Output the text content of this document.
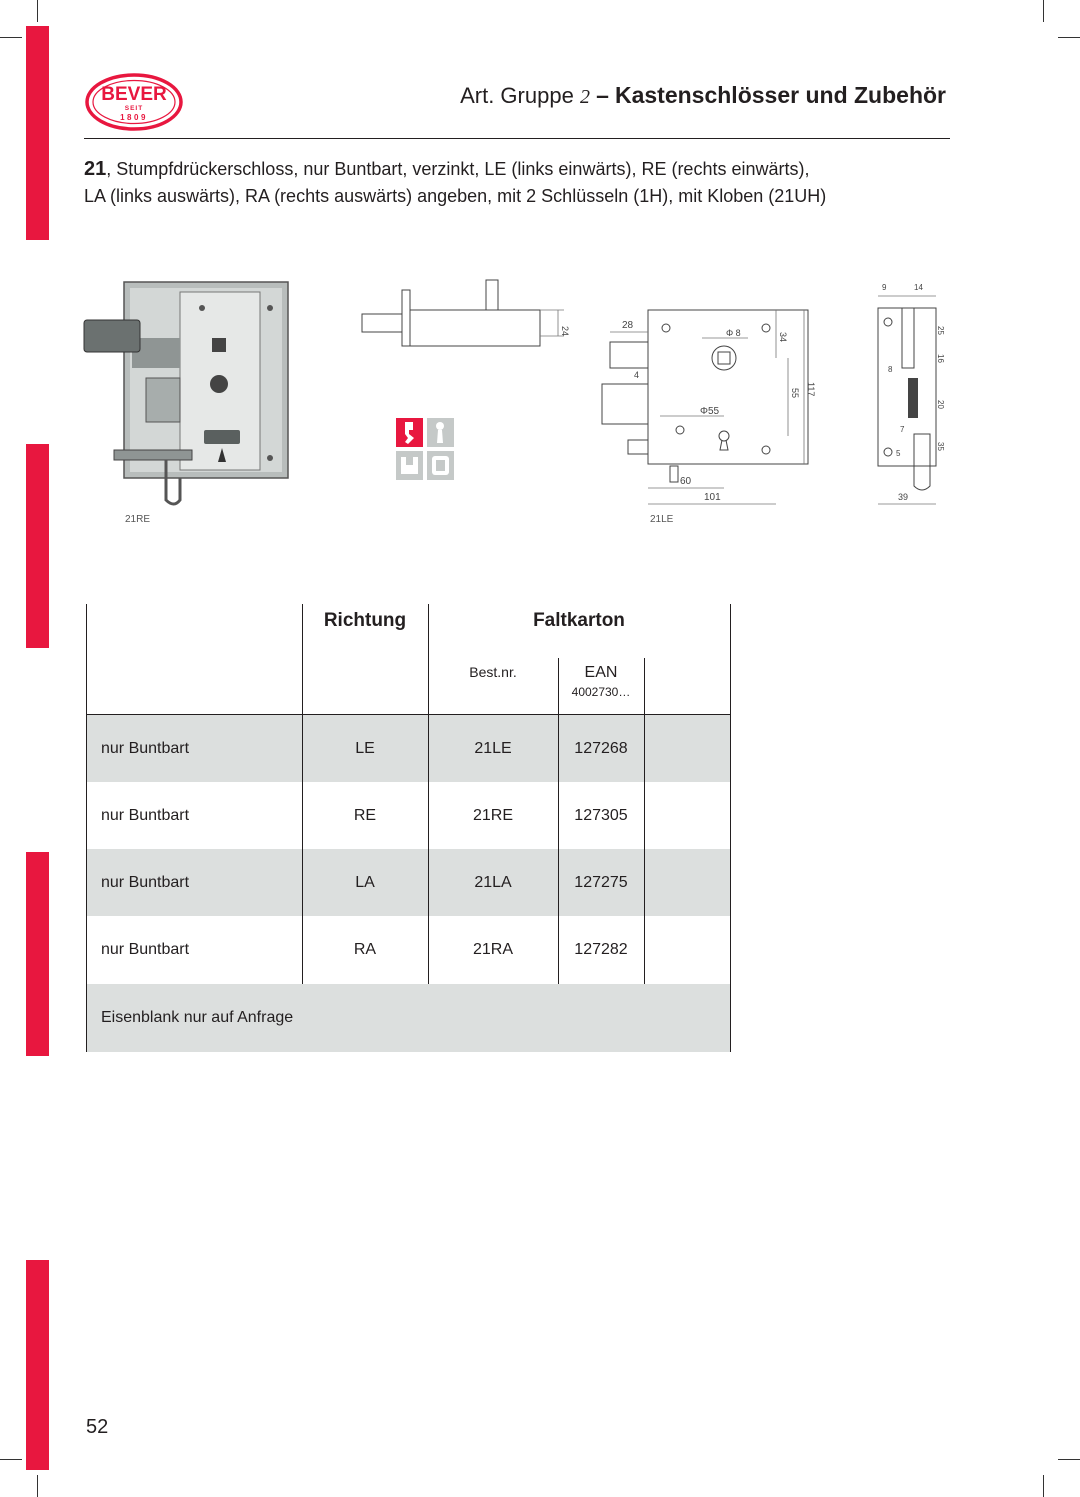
BEVER
SEIT
1809
Art. Gruppe 2 – Kastenschlösser und Zubehör
21, Stumpfdrückerschloss, nur Buntbart, verzinkt, LE (links einwärts), RE (rechts einwärts),
LA (links auswärts), RA (rechts auswärts) angeben, mit 2 Schlüsseln (1H), mit Kloben (21UH)
21RE
24
28
Φ 8
Φ55
34
55 117
60
101
4
21LE
9	14
25
16
8
20
7
5
35
39
nur Buntbart	LE	21LE	127268
nur Buntbart	RE	21RE	127305
nur Buntbart	LA	21LA	127275
nur Buntbart	RA	21RA	127282
Eisenblank nur auf Anfrage
Richtung	Faltkarton
Best.nr.	EAN
4002730…
52
